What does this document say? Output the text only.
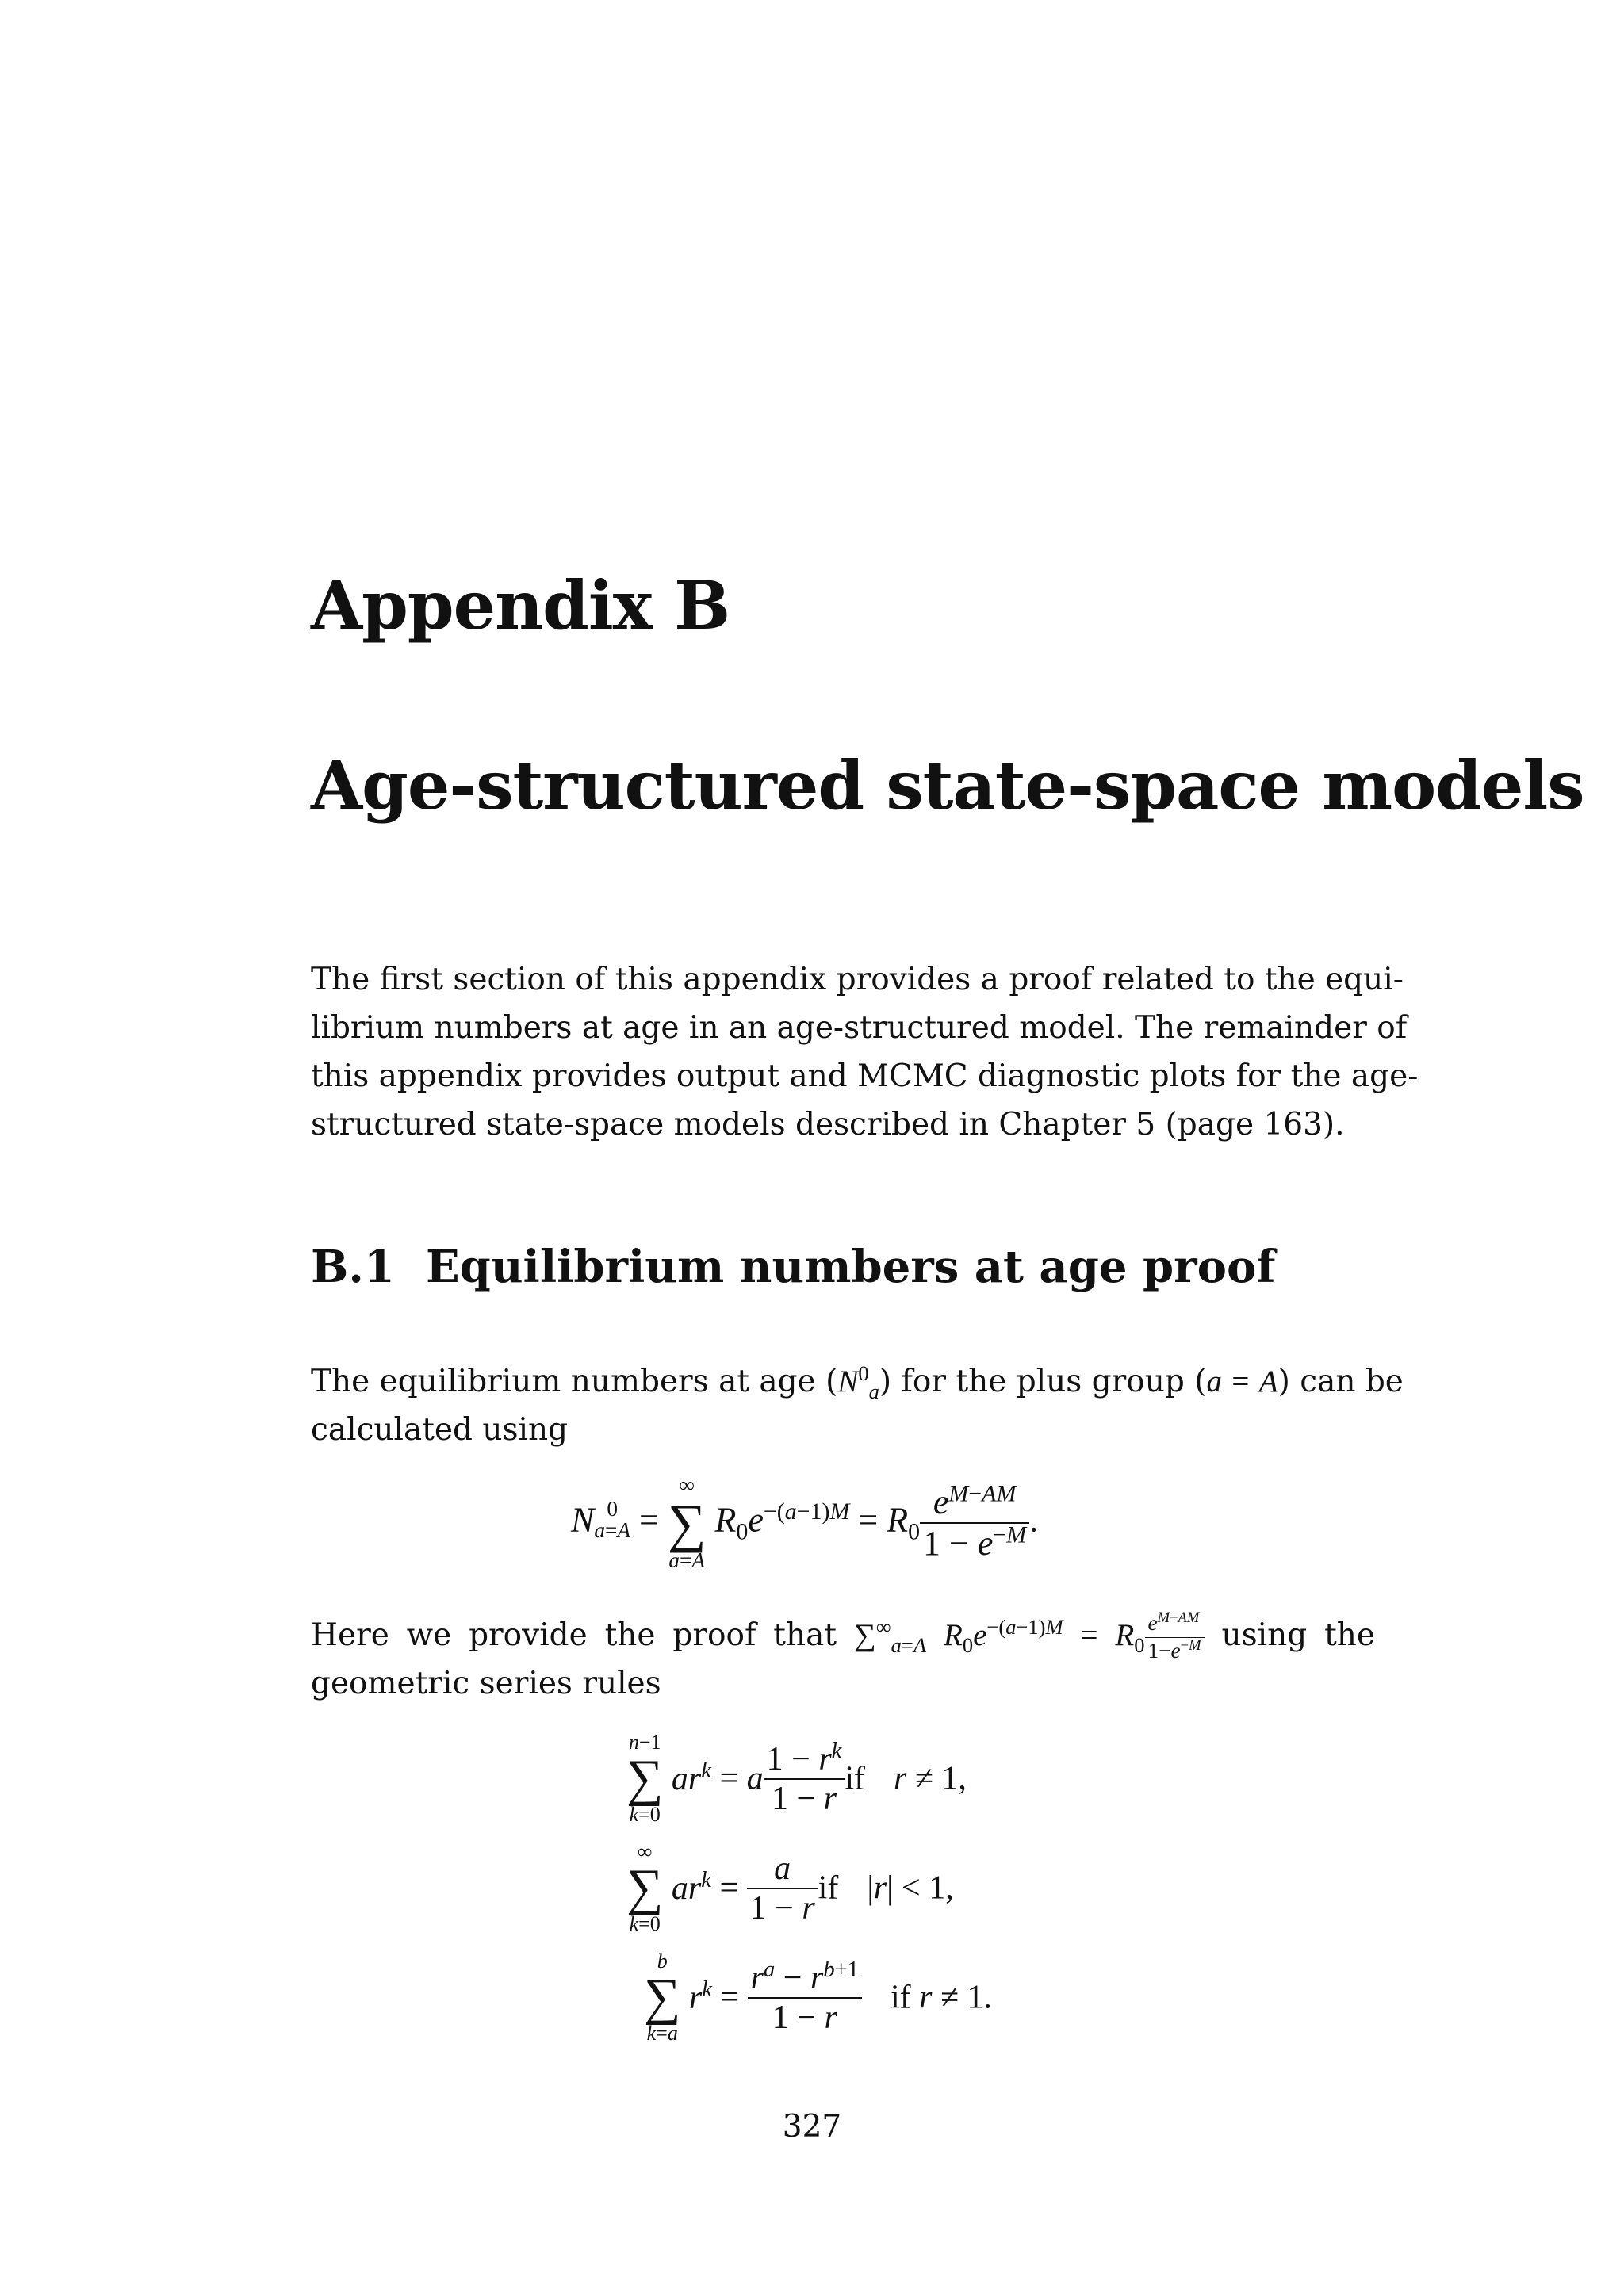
Appendix B
Age-structured state-space models

The first section of this appendix provides a proof related to the equi-
librium numbers at age in an age-structured model. The remainder of
this appendix provides output and MCMC diagnostic plots for the age-
structured state-space models described in Chapter 5 (page 163).

B.1 Equilibrium numbers at age proof

The equilibrium numbers at age $(N^0_a)$ for the plus group (a = A) can be
calculated using

N 0
a=A =
∞
∑
a=A
$R_0e^{-(a-1)M} = R_0 \frac{e^{M-AM}}{1 - e^{-M}}$ .

Here we provide the proof that $\sum^\infty_{a=A}$ $R_0e^{-(a-1)M} = R_0 \frac{e^{M-AM}}{1-e^{-M}}$ using the
geometric series rules

n−1
∑
k=0
$ar^k = a \frac{1 - r^k}{1 - r}$ if r ≠ 1,
∞
∑
k=0
$ar^k = \frac{a}{1 - r}$ if |r| < 1,
b
∑
k=a
$r^k = \frac{r^a - r^{b+1}}{1 - r}$ if r ≠ 1.
327
